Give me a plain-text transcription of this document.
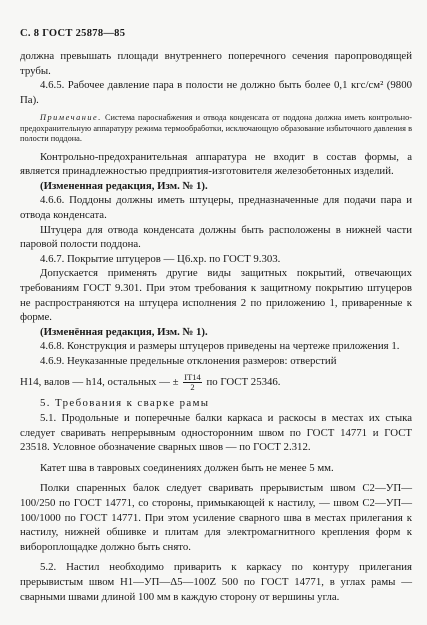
С. 8 ГОСТ 25878—85

должна превышать площади внутреннего поперечного сечения паропроводящей трубы.

4.6.5. Рабочее давление пара в полости не должно быть более 0,1 кгс/см² (9800 Па).

Примечание. Система пароснабжения и отвода конденсата от поддона должна иметь контрольно-предохранительную аппаратуру режима термообработки, исключающую образование избыточного давления в полости поддона.

Контрольно-предохранительная аппаратура не входит в состав формы, а является принадлежностью предприятия-изготовителя железобетонных изделий.

(Измененная редакция, Изм. № 1).

4.6.6. Поддоны должны иметь штуцеры, предназначенные для подачи пара и отвода конденсата.

Штуцера для отвода конденсата должны быть расположены в нижней части паровой полости поддона.

4.6.7. Покрытие штуцеров — Ц6.хр. по ГОСТ 9.303.

Допускается применять другие виды защитных покрытий, отвечающих требованиям ГОСТ 9.301. При этом требования к защитному покрытию штуцеров не распространяются на штуцера исполнения 2 по приложению 1, приваренные к форме.

(Изменённая редакция, Изм. № 1).

4.6.8. Конструкция и размеры штуцеров приведены на чертеже приложения 1.

4.6.9. Неуказанные предельные отклонения размеров: отверстий

Н14, валов — h14, остальных — ± $\frac{IT14}{2}$ по ГОСТ 25346.

5. Требования к сварке рамы

5.1. Продольные и поперечные балки каркаса и раскосы в местах их стыка следует сваривать непрерывным односторонним швом по ГОСТ 14771 и ГОСТ 23518. Условное обозначение сварных швов — по ГОСТ 2.312.

Катет шва в тавровых соединениях должен быть не менее 5 мм.

Полки спаренных балок следует сваривать прерывистым швом С2—УП—100/250 по ГОСТ 14771, со стороны, примыкающей к настилу, — швом С2—УП—100/1000 по ГОСТ 14771. При этом усиление сварного шва в местах прилегания к настилу, нижней обшивке и плитам для электромагнитного крепления форм к вибороплощадке должно быть снято.

5.2. Настил необходимо приварить к каркасу по контуру прилегания прерывистым швом Н1—УП—Δ5—100Z 500 по ГОСТ 14771, в углах рамы — сварными швами длиной 100 мм в каждую сторону от вершины угла.
